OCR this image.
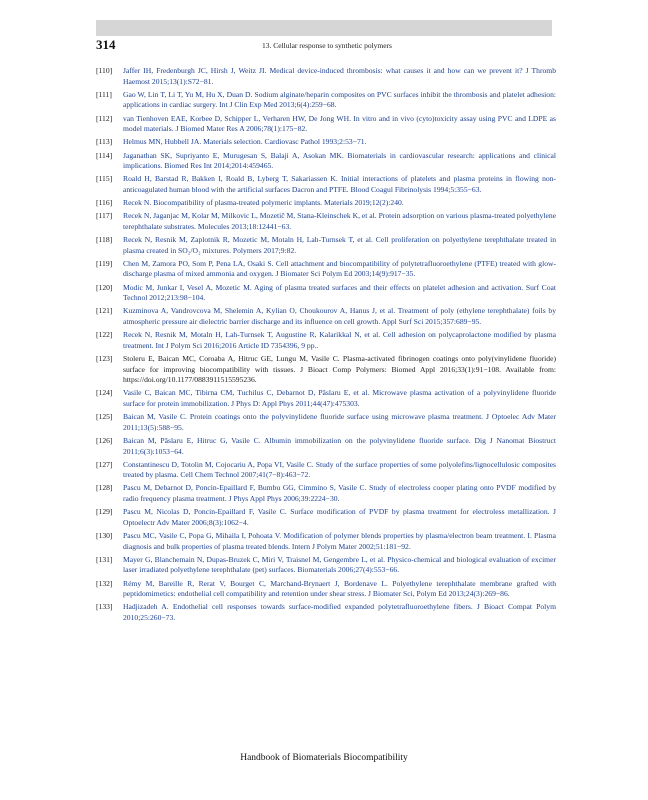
314	13. Cellular response to synthetic polymers
[110] Jaffer IH, Fredenburgh JC, Hirsh J, Weitz JI. Medical device-induced thrombosis: what causes it and how can we prevent it? J Thromb Haemost 2015;13(1):S72−81.
[111] Gao W, Lin T, Li T, Yu M, Hu X, Duan D. Sodium alginate/heparin composites on PVC surfaces inhibit the thrombosis and platelet adhesion: applications in cardiac surgery. Int J Clin Exp Med 2013;6(4):259−68.
[112] van Tienhoven EAE, Korbee D, Schipper L, Verharen HW, De Jong WH. In vitro and in vivo (cyto)toxicity assay using PVC and LDPE as model materials. J Biomed Mater Res A 2006;78(1):175−82.
[113] Helmus MN, Hubbell JA. Materials selection. Cardiovasc Pathol 1993;2:53−71.
[114] Jaganathan SK, Supriyanto E, Murugesan S, Balaji A, Asokan MK. Biomaterials in cardiovascular research: applications and clinical implications. Biomed Res Int 2014;2014:459465.
[115] Roald H, Barstad R, Bakken I, Roald B, Lyberg T, Sakariassen K. Initial interactions of platelets and plasma proteins in flowing non-anticoagulated human blood with the artificial surfaces Dacron and PTFE. Blood Coagul Fibrinolysis 1994;5:355−63.
[116] Recek N. Biocompatibility of plasma-treated polymeric implants. Materials 2019;12(2):240.
[117] Recek N, Jaganjac M, Kolar M, Milkovic L, Mozetič M, Stana-Kleinschek K, et al. Protein adsorption on various plasma-treated polyethylene terephthalate substrates. Molecules 2013;18:12441−63.
[118] Recek N, Resnik M, Zaplotnik R, Mozetic M, Motaln H, Lah-Turnsek T, et al. Cell proliferation on polyethylene terephthalate treated in plasma created in SO₂/O₂ mixtures. Polymers 2017;9:82.
[119] Chen M, Zamora PO, Som P, Pena LA, Osaki S. Cell attachment and biocompatibility of polytetrafluoroethylene (PTFE) treated with glow-discharge plasma of mixed ammonia and oxygen. J Biomater Sci Polym Ed 2003;14(9):917−35.
[120] Modic M, Junkar I, Vesel A, Mozetic M. Aging of plasma treated surfaces and their effects on platelet adhesion and activation. Surf Coat Technol 2012;213:98−104.
[121] Kuzminova A, Vandrovcova M, Shelemin A, Kylian O, Choukourov A, Hanus J, et al. Treatment of poly (ethylene terephthalate) foils by atmospheric pressure air dielectric barrier discharge and its influence on cell growth. Appl Surf Sci 2015;357:689−95.
[122] Recek N, Resnik M, Motaln H, Lah-Turnsek T, Augustine R, Kalarikkal N, et al. Cell adhesion on polycaprolactone modified by plasma treatment. Int J Polym Sci 2016;2016 Article ID 7354396, 9 pp..
[123] Stoleru E, Baican MC, Coroaba A, Hitruc GE, Lungu M, Vasile C. Plasma-activated fibrinogen coatings onto poly(vinylidene fluoride) surface for improving biocompatibility with tissues. J Bioact Comp Polymers: Biomed Appl 2016;33(1):91−108. Available from: https://doi.org/10.1177/0883911515595236.
[124] Vasile C, Baican MC, Tibirna CM, Tuchilus C, Debarnot D, Pâslaru E, et al. Microwave plasma activation of a polyvinylidene fluoride surface for protein immobilization. J Phys D: Appl Phys 2011;44(47):475303.
[125] Baican M, Vasile C. Protein coatings onto the polyvinylidene fluoride surface using microwave plasma treatment. J Optoelec Adv Mater 2011;13(5):588−95.
[126] Baican M, Pâslaru E, Hitruc G, Vasile C. Albumin immobilization on the polyvinylidene fluoride surface. Dig J Nanomat Biostruct 2011;6(3):1053−64.
[127] Constantinescu D, Totolin M, Cojocariu A, Popa VI, Vasile C. Study of the surface properties of some polyolefins/lignocellulosic composites treated by plasma. Cell Chem Technol 2007;41(7−8):463−72.
[128] Pascu M, Debarnot D, Poncin-Epaillard F, Bumbu GG, Cimmino S, Vasile C. Study of electroless cooper plating onto PVDF modified by radio frequency plasma treatment. J Phys Appl Phys 2006;39:2224−30.
[129] Pascu M, Nicolas D, Poncin-Epaillard F, Vasile C. Surface modification of PVDF by plasma treatment for electroless metallization. J Optoelectr Adv Mater 2006;8(3):1062−4.
[130] Pascu MC, Vasile C, Popa G, Mihaila I, Pohoata V. Modification of polymer blends properties by plasma/electron beam treatment. I. Plasma diagnosis and bulk properties of plasma treated blends. Intern J Polym Mater 2002;51:181−92.
[131] Mayer G, Blanchemain N, Dupas-Bruzek C, Miri V, Traisnel M, Gengembre L, et al. Physico-chemical and biological evaluation of excimer laser irradiated polyethylene terephthalate (pet) surfaces. Biomaterials 2006;27(4):553−66.
[132] Rémy M, Bareille R, Rerat V, Bourget C, Marchand-Brynaert J, Bordenave L. Polyethylene terephthalate membrane grafted with peptidomimetics: endothelial cell compatibility and retention under shear stress. J Biomater Sci, Polym Ed 2013;24(3):269−86.
[133] Hadjizadeh A. Endothelial cell responses towards surface-modified expanded polytetrafluoroethylene fibers. J Bioact Compat Polym 2010;25:260−73.
Handbook of Biomaterials Biocompatibility
